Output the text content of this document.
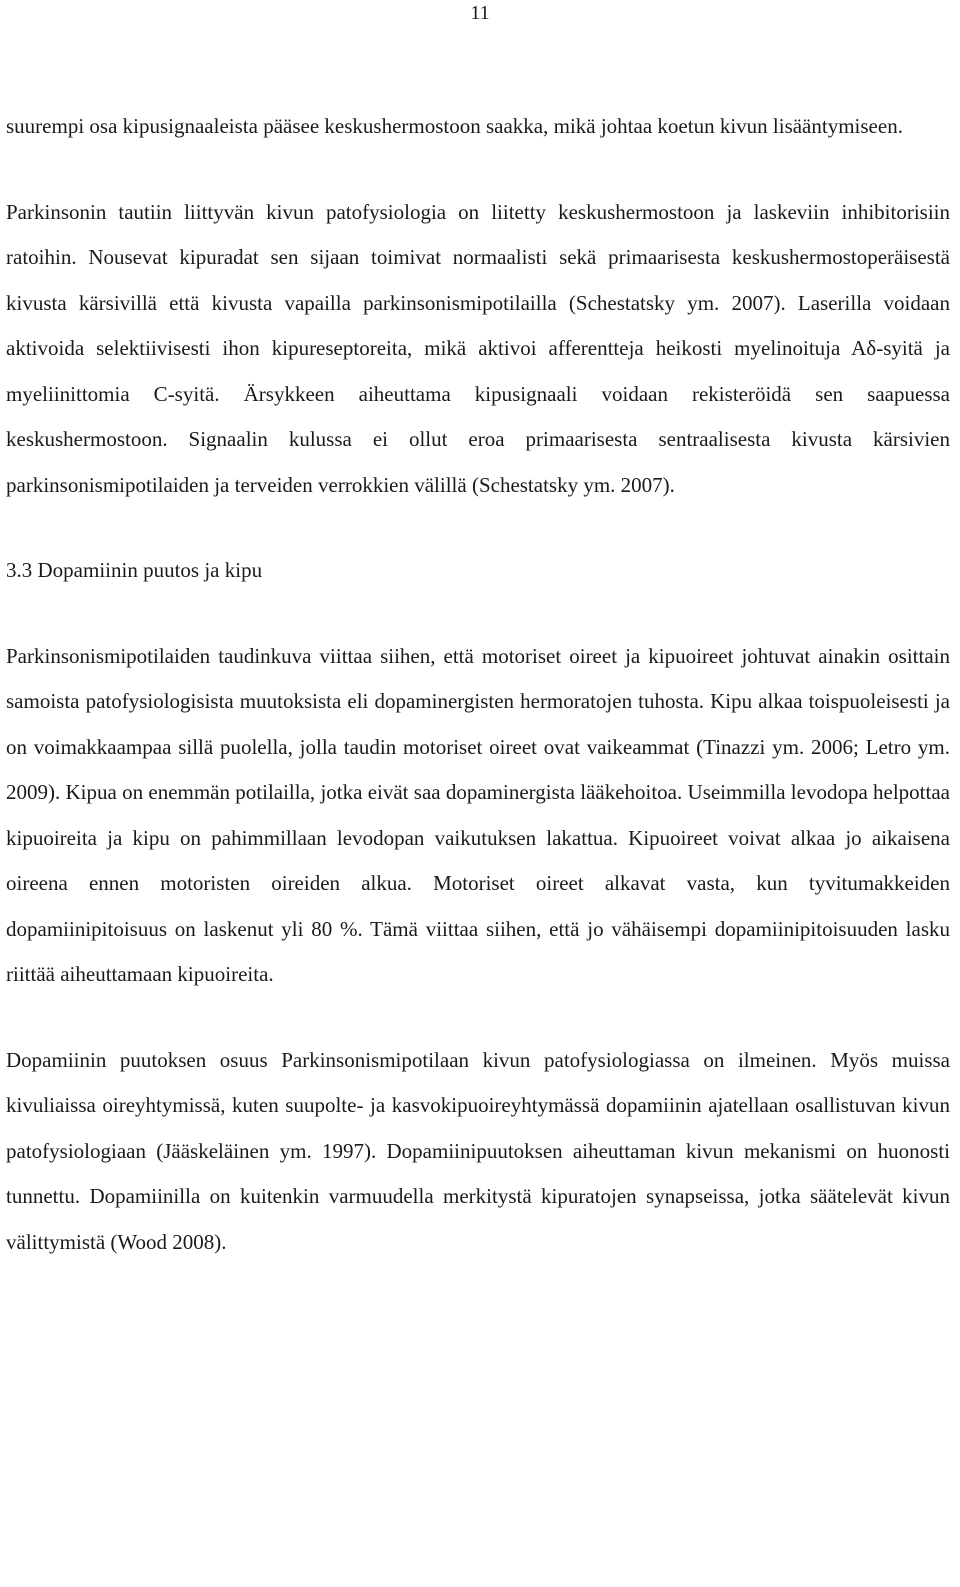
11

suurempi osa kipusignaaleista pääsee keskushermostoon saakka, mikä johtaa koetun kivun lisääntymiseen.

Parkinsonin tautiin liittyvän kivun patofysiologia on liitetty keskushermostoon ja laskeviin inhibitorisiin ratoihin. Nousevat kipuradat sen sijaan toimivat normaalisti sekä primaarisesta keskushermostoperäisestä kivusta kärsivillä että kivusta vapailla parkinsonismipotilailla (Schestatsky ym. 2007). Laserilla voidaan aktivoida selektiivisesti ihon kipureseptoreita, mikä aktivoi afferentteja heikosti myelinoituja Aδ-syitä ja myeliinittomia C-syitä. Ärsykkeen aiheuttama kipusignaali voidaan rekisteröidä sen saapuessa keskushermostoon. Signaalin kulussa ei ollut eroa primaarisesta sentraalisesta kivusta kärsivien parkinsonismipotilaiden ja terveiden verrokkien välillä (Schestatsky ym. 2007).

3.3 Dopamiinin puutos ja kipu

Parkinsonismipotilaiden taudinkuva viittaa siihen, että motoriset oireet ja kipuoireet johtuvat ainakin osittain samoista patofysiologisista muutoksista eli dopaminergisten hermoratojen tuhosta. Kipu alkaa toispuoleisesti ja on voimakkaampaa sillä puolella, jolla taudin motoriset oireet ovat vaikeammat (Tinazzi ym. 2006; Letro ym. 2009). Kipua on enemmän potilailla, jotka eivät saa dopaminergista lääkehoitoa. Useimmilla levodopa helpottaa kipuoireita ja kipu on pahimmillaan levodopan vaikutuksen lakattua. Kipuoireet voivat alkaa jo aikaisena oireena ennen motoristen oireiden alkua. Motoriset oireet alkavat vasta, kun tyvitumakkeiden dopamiinipitoisuus on laskenut yli 80 %. Tämä viittaa siihen, että jo vähäisempi dopamiinipitoisuuden lasku riittää aiheuttamaan kipuoireita.

Dopamiinin puutoksen osuus Parkinsonismipotilaan kivun patofysiologiassa on ilmeinen. Myös muissa kivuliaissa oireyhtymissä, kuten suupolte- ja kasvokipuoireyhtymässä dopamiinin ajatellaan osallistuvan kivun patofysiologiaan (Jääskeläinen ym. 1997). Dopamiinipuutoksen aiheuttaman kivun mekanismi on huonosti tunnettu. Dopamiinilla on kuitenkin varmuudella merkitystä kipuratojen synapseissa, jotka säätelevät kivun välittymistä (Wood 2008).
